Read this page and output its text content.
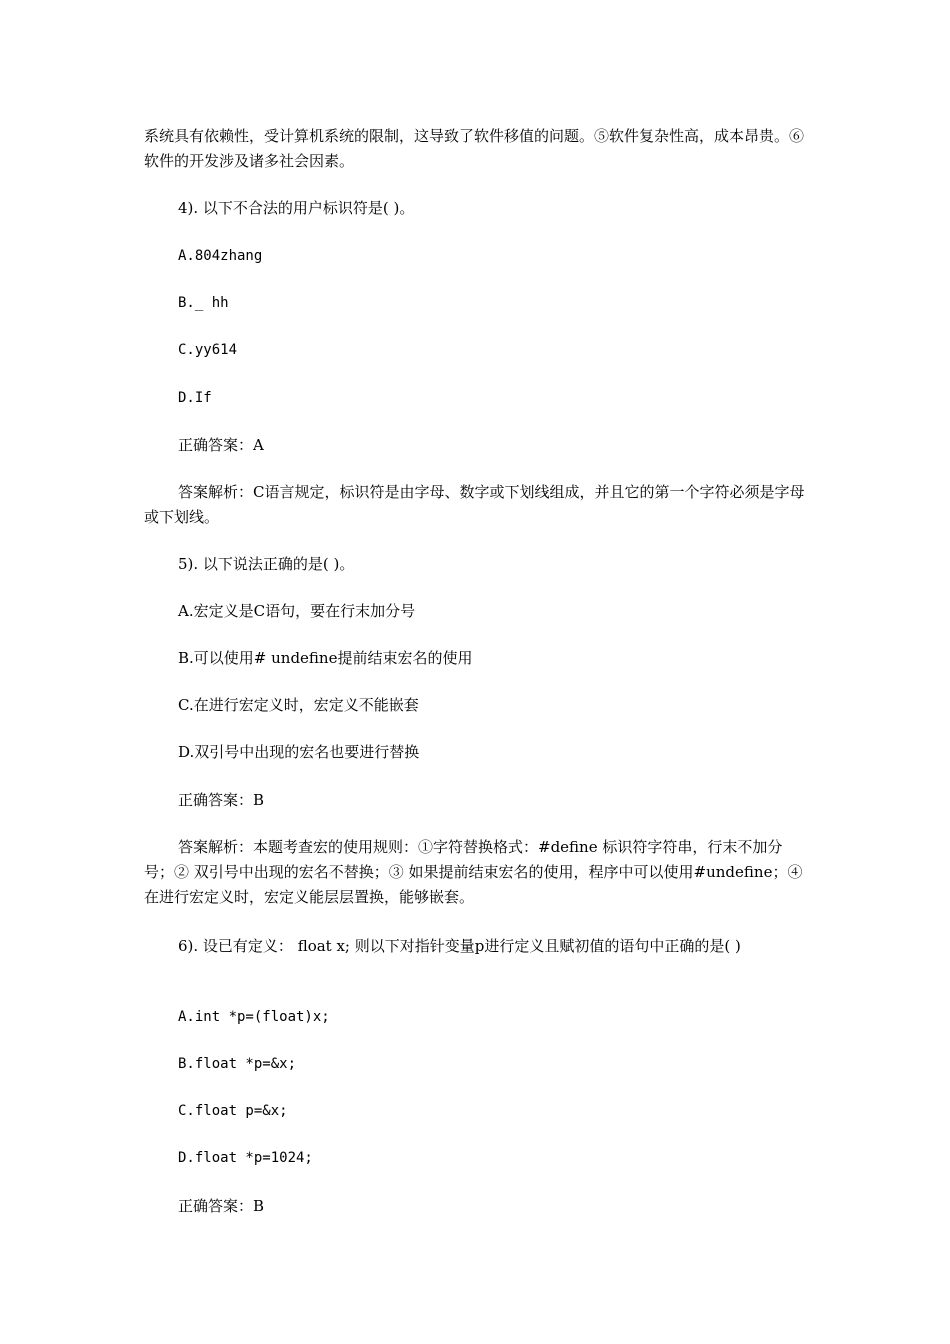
系统具有依赖性，受计算机系统的限制，这导致了软件移值的问题。⑤软件复杂性高，成本昂贵。⑥软件的开发涉及诸多社会因素。
4). 以下不合法的用户标识符是( )。
A.804zhang
B._ hh
C.yy614
D.If
正确答案：A
答案解析：C语言规定，标识符是由字母、数字或下划线组成，并且它的第一个字符必须是字母或下划线。
5). 以下说法正确的是( )。
A.宏定义是C语句，要在行末加分号
B.可以使用# undefine提前结束宏名的使用
C.在进行宏定义时，宏定义不能嵌套
D.双引号中出现的宏名也要进行替换
正确答案：B
答案解析：本题考查宏的使用规则：①字符替换格式：#define 标识符字符串，行末不加分号；② 双引号中出现的宏名不替换；③ 如果提前结束宏名的使用，程序中可以使用#undefine；④ 在进行宏定义时，宏定义能层层置换，能够嵌套。
6). 设已有定义： float x; 则以下对指针变量p进行定义且赋初值的语句中正确的是( )
A.int *p=(float)x;
B.float *p=&x;
C.float p=&x;
D.float *p=1024;
正确答案：B
